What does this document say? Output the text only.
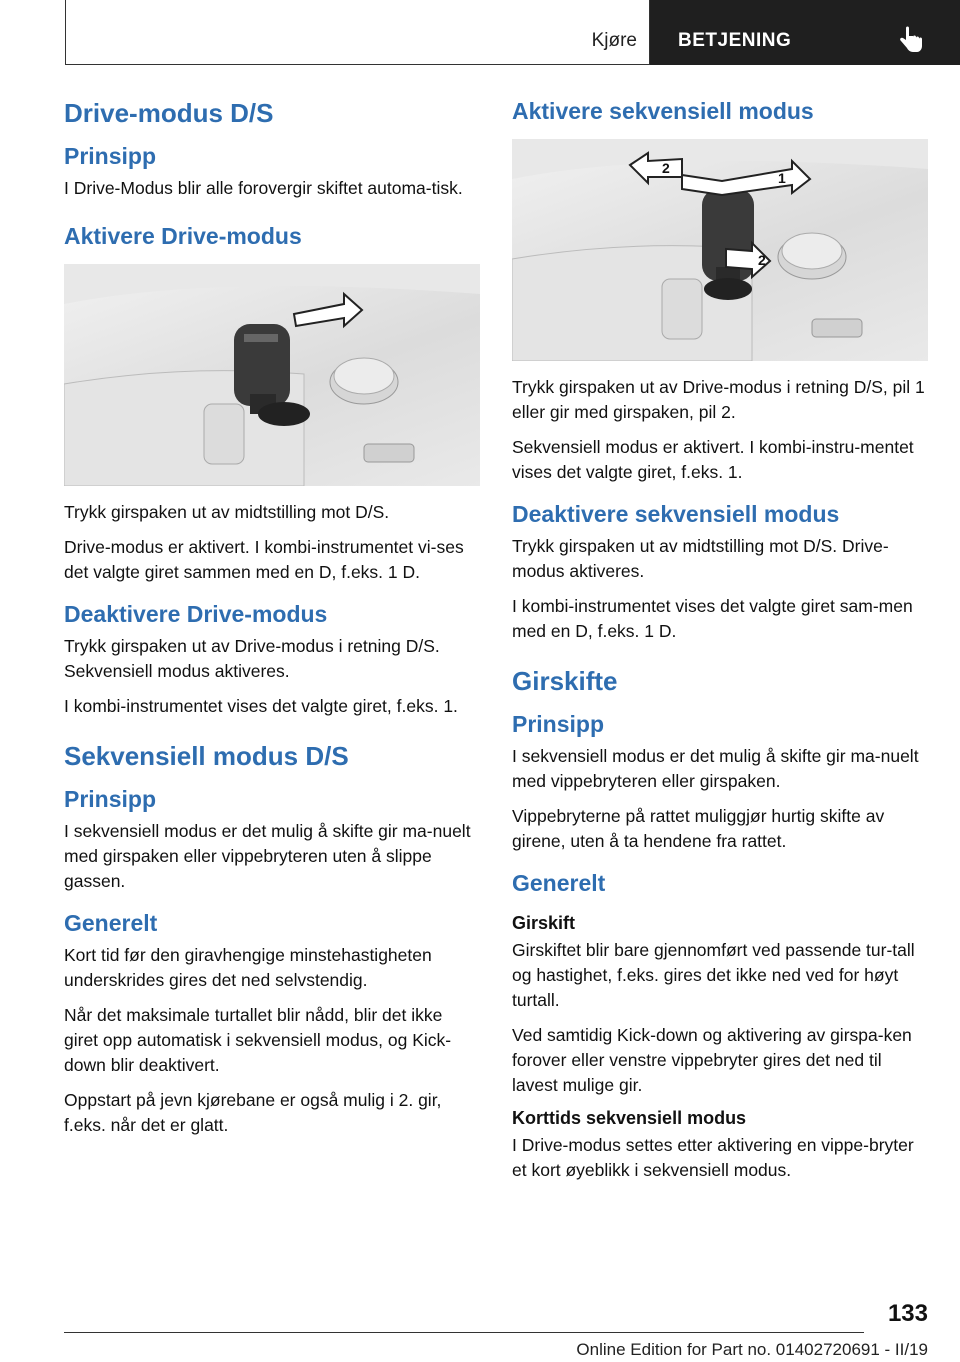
Kjøre BETJENING
Drive-modus D/S
Prinsipp

I Drive-Modus blir alle forovergir skiftet automa-tisk.

Aktivere Drive-modus

Trykk girspaken ut av midtstilling mot D/S.

Drive-modus er aktivert. I kombi-instrumentet vi-ses det valgte giret sammen med en D, f.eks. 1 D.

Deaktivere Drive-modus

Trykk girspaken ut av Drive-modus i retning D/S. Sekvensiell modus aktiveres.

I kombi-instrumentet vises det valgte giret, f.eks. 1.

Sekvensiell modus D/S
Prinsipp

I sekvensiell modus er det mulig å skifte gir ma-nuelt med girspaken eller vippebryteren uten å slippe gassen.

Generelt

Kort tid før den giravhengige minstehastigheten underskrides gires det ned selvstendig.

Når det maksimale turtallet blir nådd, blir det ikke giret opp automatisk i sekvensiell modus, og Kick-down blir deaktivert.

Oppstart på jevn kjørebane er også mulig i 2. gir, f.eks. når det er glatt.

Aktivere sekvensiell modus
2
1
2

Trykk girspaken ut av Drive-modus i retning D/S, pil 1 eller gir med girspaken, pil 2.

Sekvensiell modus er aktivert. I kombi-instru-mentet vises det valgte giret, f.eks. 1.

Deaktivere sekvensiell modus

Trykk girspaken ut av midtstilling mot D/S. Drive-modus aktiveres.

I kombi-instrumentet vises det valgte giret sam-men med en D, f.eks. 1 D.

Girskifte
Prinsipp

I sekvensiell modus er det mulig å skifte gir ma-nuelt med vippebryteren eller girspaken.

Vippebryterne på rattet muliggjør hurtig skifte av girene, uten å ta hendene fra rattet.

Generelt
Girskift

Girskiftet blir bare gjennomført ved passende tur-tall og hastighet, f.eks. gires det ikke ned ved for høyt turtall.

Ved samtidig Kick-down og aktivering av girspa-ken forover eller venstre vippebryter gires det ned til lavest mulige gir.

Korttids sekvensiell modus

I Drive-modus settes etter aktivering en vippe-bryter et kort øyeblikk i sekvensiell modus.

133
Online Edition for Part no. 01402720691 - II/19
